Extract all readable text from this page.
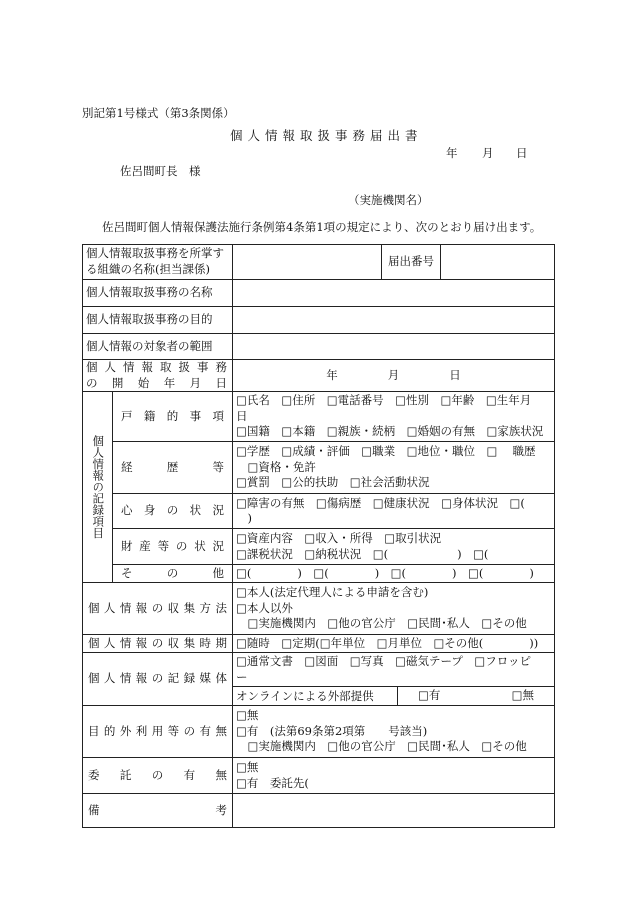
別記第1号様式（第3条関係）
個人情報取扱事務届出書
年 月 日
佐呂間町長　様
（実施機関名）
佐呂間町個人情報保護法施行条例第4条第1項の規定により、次のとおり届け出ます。
個人情報取扱事務を所掌す
る組織の名称(担当課係)		届出番号

個人情報取扱事務の名称		
個人情報取扱事務の目的		
個人情報の対象者の範囲		

個人情報取扱事務
の開始年月日		年 月 日

個人情報の記録項目	戸籍的事項	□氏名　□住所　□電話番号　□性別　□年齢　□生年月
日
□国籍　□本籍　□親族・続柄　□婚姻の有無　□家族状況

	経歴等	□学歴　□成績・評価　□職業　□地位・職位　□　 職歴
　□資格・免許
□賞罰　□公的扶助　□社会活動状況

	心身の状況	□障害の有無　□傷病歴　□健康状況　□身体状況　□(
　)

	財産等の状況	□資産内容　□収入・所得　□取引状況
□課税状況　□納税状況　□(　　　　　　)　□(

	その他	□(　　　　)　□(　　　　)　□(　　　　)　□(　　　　)

個人情報の収集方法		□本人(法定代理人による申請を含む)
□本人以外
　□実施機関内　□他の官公庁　□民間･私人　□その他

個人情報の収集時期		□随時　□定期(□年単位　□月単位　□その他(　　　　))

個人情報の記録媒体		□通常文書　□図面　□写真　□磁気テープ　□フロッピ
ー
オンラインによる外部提供 □有 □無

目的外利用等の有無		□無
□有　(法第69条第2項第　　号該当)
　□実施機関内　□他の官公庁　□民間･私人　□その他

委託の有無		□無
□有　委託先(

備考		
